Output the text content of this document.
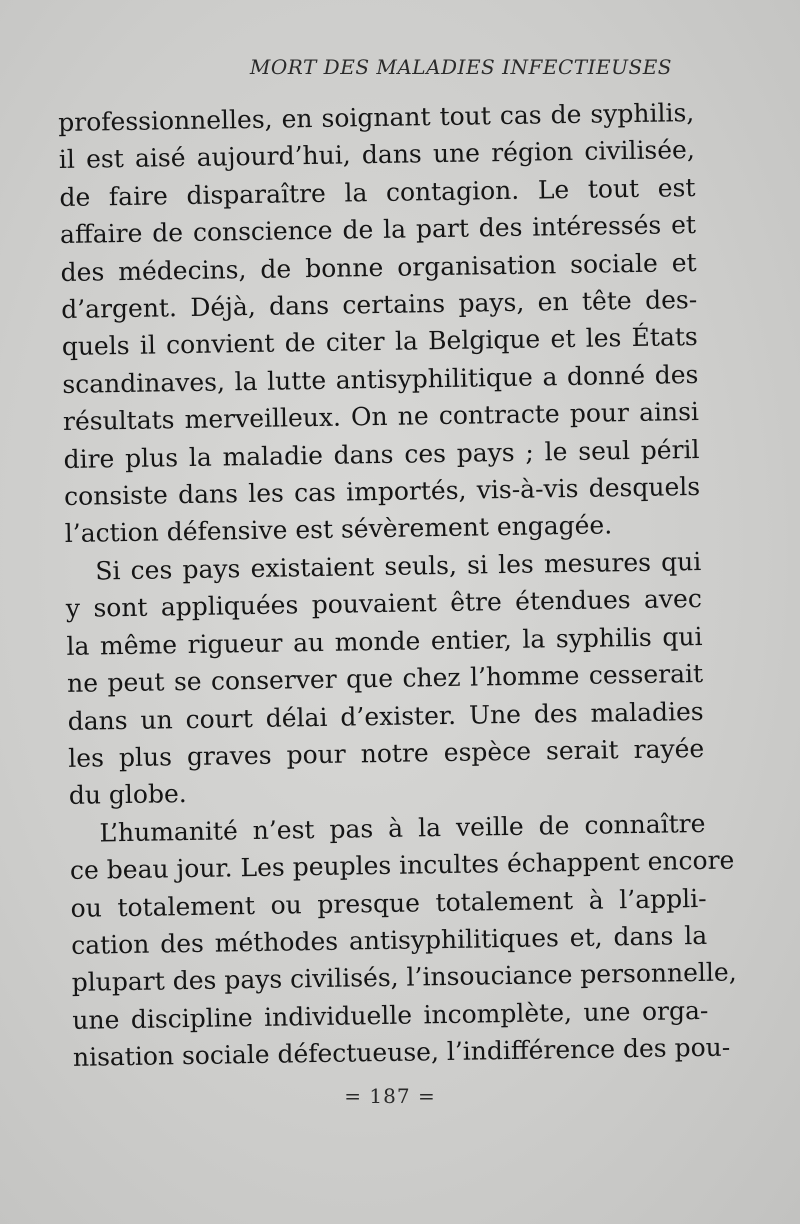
MORT DES MALADIES INFECTIEUSES
professionnelles, en soignant tout cas de syphilis,
il est aisé aujourd’hui, dans une région civilisée,
de faire disparaître la contagion. Le tout est
affaire de conscience de la part des intéressés et
des médecins, de bonne organisation sociale et
d’argent. Déjà, dans certains pays, en tête des-
quels il convient de citer la Belgique et les États
scandinaves, la lutte antisyphilitique a donné des
résultats merveilleux. On ne contracte pour ainsi
dire plus la maladie dans ces pays ; le seul péril
consiste dans les cas importés, vis-à-vis desquels
l’action défensive est sévèrement engagée.
Si ces pays existaient seuls, si les mesures qui
y sont appliquées pouvaient être étendues avec
la même rigueur au monde entier, la syphilis qui
ne peut se conserver que chez l’homme cesserait
dans un court délai d’exister. Une des maladies
les plus graves pour notre espèce serait rayée
du globe.
L’humanité n’est pas à la veille de connaître
ce beau jour. Les peuples incultes échappent encore
ou totalement ou presque totalement à l’appli-
cation des méthodes antisyphilitiques et, dans la
plupart des pays civilisés, l’insouciance personnelle,
une discipline individuelle incomplète, une orga-
nisation sociale défectueuse, l’indifférence des pou-
= 187 =
